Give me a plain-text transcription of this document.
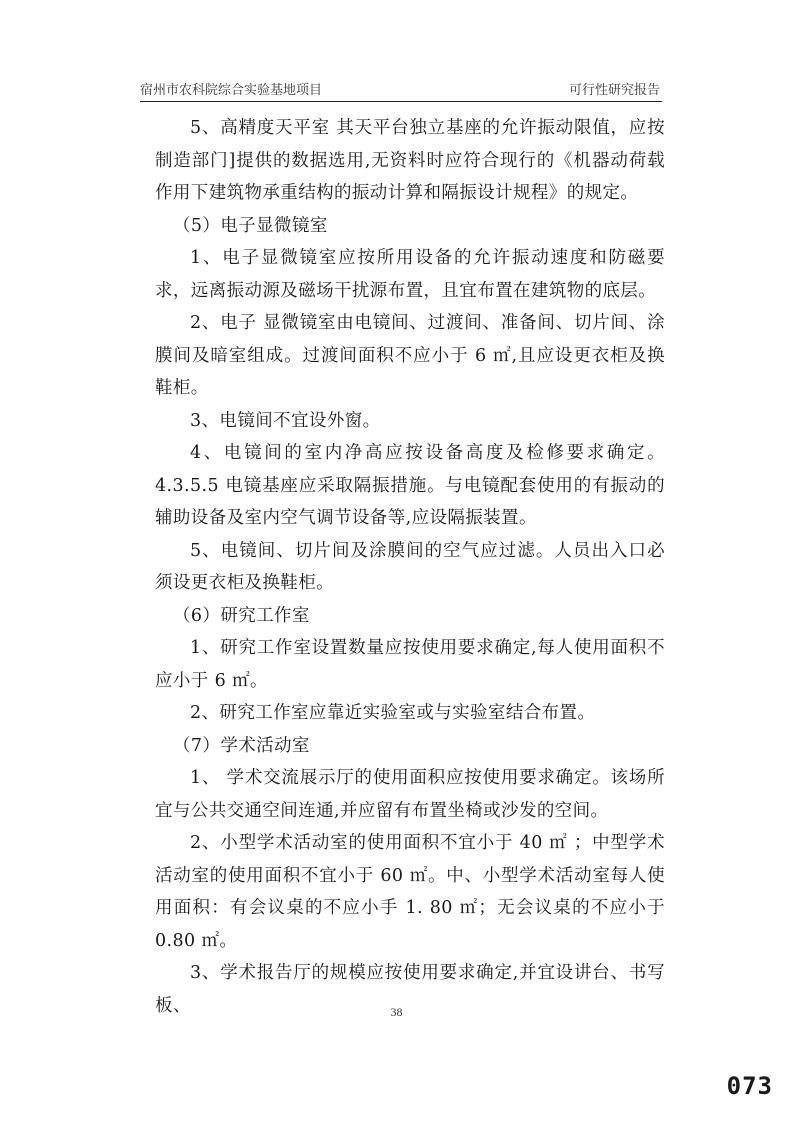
宿州市农科院综合实验基地项目	可行性研究报告

5、高精度天平室 其天平台独立基座的允许振动限值，应按制造部门]提供的数据选用,无资料时应符合现行的《机器动荷载作用下建筑物承重结构的振动计算和隔振设计规程》的规定。

（5）电子显微镜室

1、电子显微镜室应按所用设备的允许振动速度和防磁要求，远离振动源及磁场干扰源布置，且宜布置在建筑物的底层。

2、电子 显微镜室由电镜间、过渡间、准备间、切片间、涂膜间及暗室组成。过渡间面积不应小于 6 ㎡,且应设更衣柜及换鞋柜。

3、电镜间不宜设外窗。

4、电镜间的室内净高应按设备高度及检修要求确定。4.3.5.5 电镜基座应采取隔振措施。与电镜配套使用的有振动的辅助设备及室内空气调节设备等,应设隔振装置。

5、电镜间、切片间及涂膜间的空气应过滤。人员出入口必须设更衣柜及换鞋柜。

（6）研究工作室

1、研究工作室设置数量应按使用要求确定,每人使用面积不应小于 6 ㎡。

2、研究工作室应靠近实验室或与实验室结合布置。

（7）学术活动室

1、 学术交流展示厅的使用面积应按使用要求确定。该场所宜与公共交通空间连通,并应留有布置坐椅或沙发的空间。

2、小型学术活动室的使用面积不宜小于 40 ㎡ ；中型学术活动室的使用面积不宜小于 60 ㎡。中、小型学术活动室每人使用面积：有会议桌的不应小手 1. 80 ㎡；无会议桌的不应小于 0.80 ㎡。

3、学术报告厅的规模应按使用要求确定,并宜设讲台、书写板、	38
073
